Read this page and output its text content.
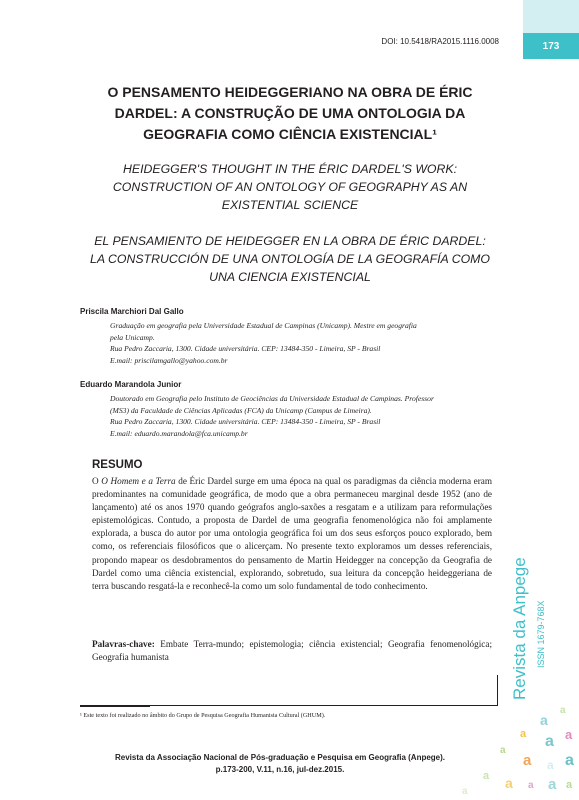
173
DOI: 10.5418/RA2015.1116.0008
Revista da Anpege ISSN 1679-768X
a
a
a a a
a
a a a
a a a a a
a
O PENSAMENTO HEIDEGGERIANO NA OBRA DE ÉRIC
DARDEL: A CONSTRUÇÃO DE UMA ONTOLOGIA DA
GEOGRAFIA COMO CIÊNCIA EXISTENCIAL¹
HEIDEGGER'S THOUGHT IN THE ÉRIC DARDEL'S WORK:
CONSTRUCTION OF AN ONTOLOGY OF GEOGRAPHY AS AN
EXISTENTIAL SCIENCE
EL PENSAMIENTO DE HEIDEGGER EN LA OBRA DE ÉRIC DARDEL:
LA CONSTRUCCIÓN DE UNA ONTOLOGÍA DE LA GEOGRAFÍA COMO
UNA CIENCIA EXISTENCIAL
Priscila Marchiori Dal Gallo
Graduação em geografia pela Universidade Estadual de Campinas (Unicamp). Mestre em geografia
pela Unicamp.
Rua Pedro Zaccaria, 1300. Cidade universitária. CEP: 13484-350 - Limeira, SP - Brasil
E.mail: priscilamgallo@yahoo.com.br
Eduardo Marandola Junior
Doutorado em Geografia pelo Instituto de Geociências da Universidade Estadual de Campinas. Professor
(MS3) da Faculdade de Ciências Aplicadas (FCA) da Unicamp (Campus de Limeira).
Rua Pedro Zaccaria, 1300. Cidade universitária. CEP: 13484-350 - Limeira, SP - Brasil
E.mail: eduardo.marandola@fca.unicamp.br
RESUMO
O O Homem e a Terra de Éric Dardel surge em uma época na qual os paradigmas da ciência moderna eram predominantes na comunidade geográfica, de modo que a obra permaneceu marginal desde 1952 (ano de lançamento) até os anos 1970 quando geógrafos anglo-saxões a resgatam e a utilizam para reformulações epistemológicas. Contudo, a proposta de Dardel de uma geografia fenomenológica não foi amplamente explorada, a busca do autor por uma ontologia geográfica foi um dos seus esforços pouco explorado, bem como, os referenciais filosóficos que o alicerçam. No presente texto exploramos um desses referenciais, propondo mapear os desdobramentos do pensamento de Martin Heidegger na concepção da Geografia de Dardel como uma ciência existencial, explorando, sobretudo, sua leitura da concepção heideggeriana de terra buscando resgatá-la e reconhecê-la como um solo fundamental de todo conhecimento.
Palavras-chave: Embate Terra-mundo; epistemologia; ciência existencial; Geografia fenomenológica; Geografia humanista
¹ Este texto foi realizado no âmbito do Grupo de Pesquisa Geografia Humanista Cultural (GHUM).
Revista da Associação Nacional de Pós-graduação e Pesquisa em Geografia (Anpege).
p.173-200, V.11, n.16, jul-dez.2015.
